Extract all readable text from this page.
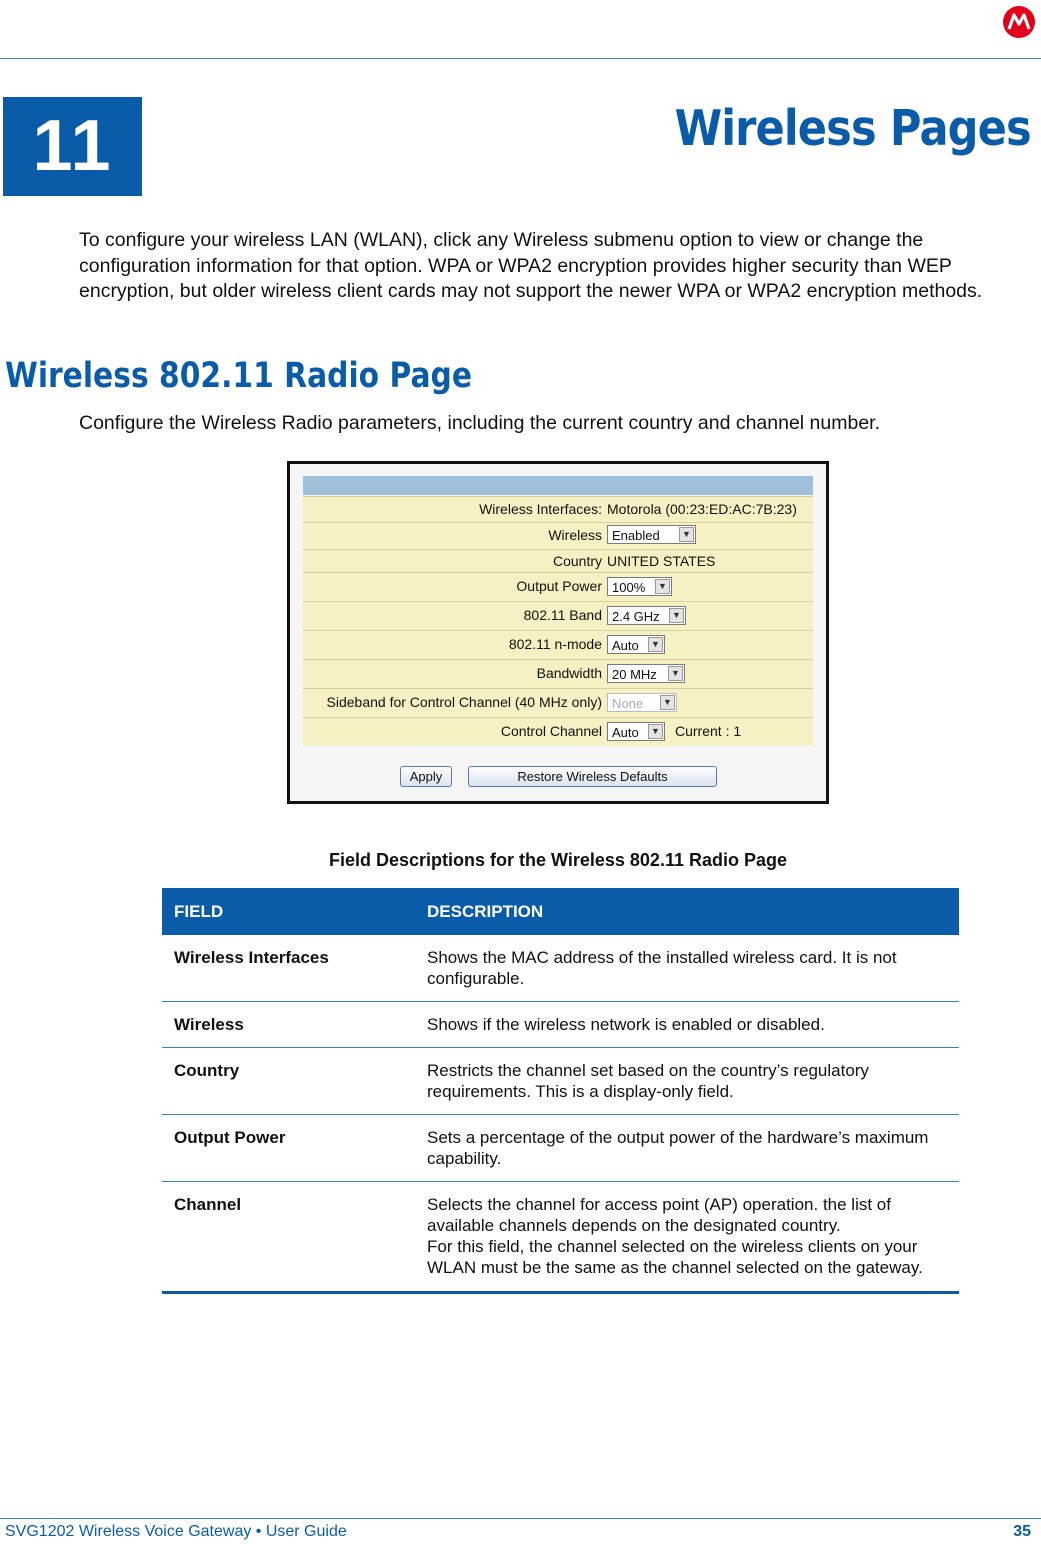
11	Wireless Pages
To configure your wireless LAN (WLAN), click any Wireless submenu option to view or change the configuration information for that option. WPA or WPA2 encryption provides higher security than WEP encryption, but older wireless client cards may not support the newer WPA or WPA2 encryption methods.
Wireless 802.11 Radio Page
Configure the Wireless Radio parameters, including the current country and channel number.
Wireless Interfaces: Motorola (00:23:ED:AC:7B:23)
Wireless Enabled	▼
Country UNITED STATES
Output Power 100%	▼
802.11 Band 2.4 GHz	▼
802.11 n-mode Auto	▼
Bandwidth 20 MHz	▼
Sideband for Control Channel (40 MHz only) None	▼
Control Channel Auto	▼ Current : 1
Apply	Restore Wireless Defaults
Field Descriptions for the Wireless 802.11 Radio Page
FIELD	DESCRIPTION
Wireless Interfaces	Shows the MAC address of the installed wireless card. It is not configurable.
Wireless	Shows if the wireless network is enabled or disabled.
Country	Restricts the channel set based on the country’s regulatory requirements. This is a display-only field.
Output Power	Sets a percentage of the output power of the hardware’s maximum capability.
Channel	Selects the channel for access point (AP) operation. the list of available channels depends on the designated country.
For this field, the channel selected on the wireless clients on your WLAN must be the same as the channel selected on the gateway.
SVG1202 Wireless Voice Gateway • User Guide	35
